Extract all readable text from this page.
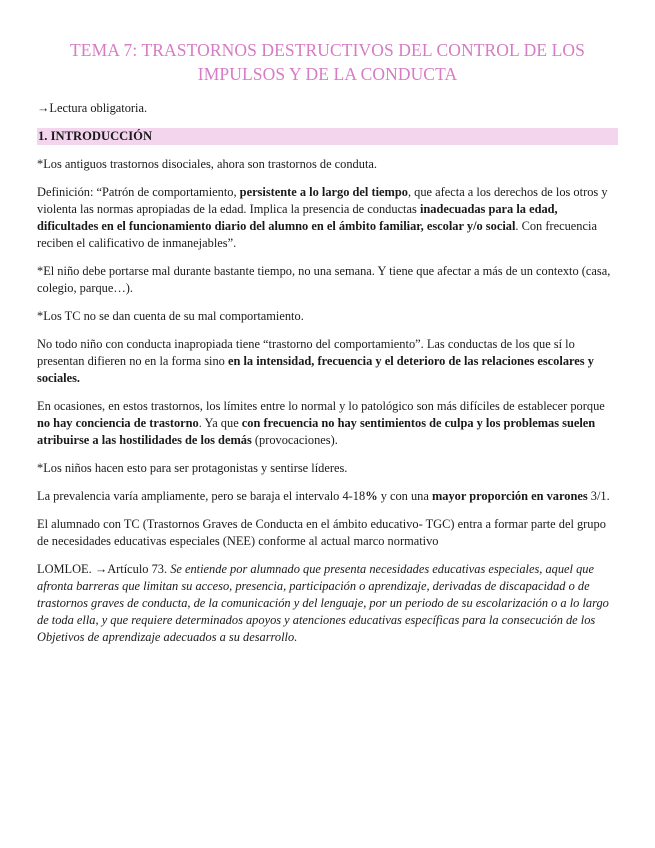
TEMA 7: TRASTORNOS DESTRUCTIVOS DEL CONTROL DE LOS
IMPULSOS Y DE LA CONDUCTA

→Lectura obligatoria.

1. INTRODUCCIÓN

*Los antiguos trastornos disociales, ahora son trastornos de conduta.

Definición: “Patrón de comportamiento, persistente a lo largo del tiempo, que afecta a los derechos de los otros y violenta las normas apropiadas de la edad. Implica la presencia de conductas inadecuadas para la edad, dificultades en el funcionamiento diario del alumno en el ámbito familiar, escolar y/o social. Con frecuencia reciben el calificativo de inmanejables”.

*El niño debe portarse mal durante bastante tiempo, no una semana. Y tiene que afectar a más de un contexto (casa, colegio, parque…).

*Los TC no se dan cuenta de su mal comportamiento.

No todo niño con conducta inapropiada tiene “trastorno del comportamiento”. Las conductas de los que sí lo presentan difieren no en la forma sino en la intensidad, frecuencia y el deterioro de las relaciones escolares y sociales.

En ocasiones, en estos trastornos, los límites entre lo normal y lo patológico son más difíciles de establecer porque no hay conciencia de trastorno. Ya que con frecuencia no hay sentimientos de culpa y los problemas suelen atribuirse a las hostilidades de los demás (provocaciones).

*Los niños hacen esto para ser protagonistas y sentirse líderes.

La prevalencia varía ampliamente, pero se baraja el intervalo 4-18% y con una mayor proporción en varones 3/1.

El alumnado con TC (Trastornos Graves de Conducta en el ámbito educativo- TGC) entra a formar parte del grupo de necesidades educativas especiales (NEE) conforme al actual marco normativo

LOMLOE. →Artículo 73. Se entiende por alumnado que presenta necesidades educativas especiales, aquel que afronta barreras que limitan su acceso, presencia, participación o aprendizaje, derivadas de discapacidad o de trastornos graves de conducta, de la comunicación y del lenguaje, por un periodo de su escolarización o a lo largo de toda ella, y que requiere determinados apoyos y atenciones educativas específicas para la consecución de los Objetivos de aprendizaje adecuados a su desarrollo.
